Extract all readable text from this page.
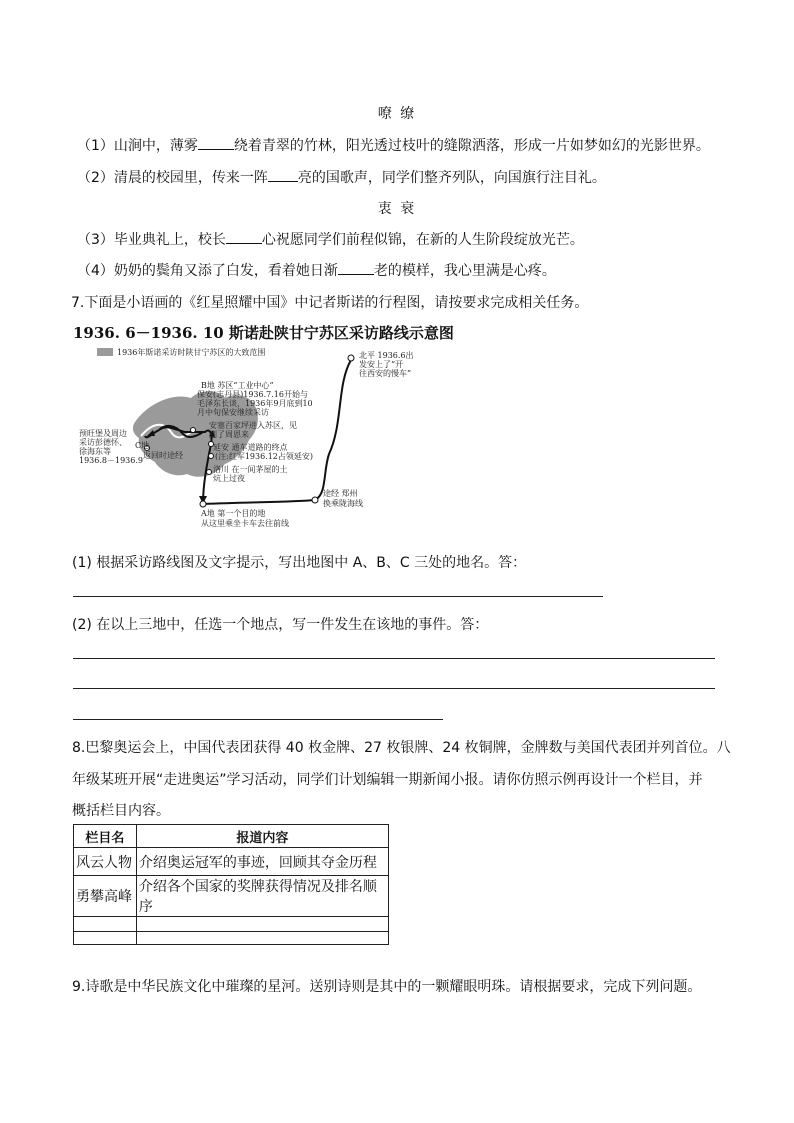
嘹 缭
（1）山涧中，薄雾	绕着青翠的竹林，阳光透过枝叶的缝隙洒落，形成一片如梦如幻的光影世界。
（2）清晨的校园里，传来一阵 亮的国歌声，同学们整齐列队，向国旗行注目礼。
衷 衰
（3）毕业典礼上，校长	心祝愿同学们前程似锦，在新的人生阶段绽放光芒。
（4）奶奶的鬓角又添了白发，看着她日渐	老的模样，我心里满是心疼。
7.下面是小语画的《红星照耀中国》中记者斯诺的行程图，请按要求完成相关任务。
1936. 6－1936. 10 斯诺赴陕甘宁苏区采访路线示意图
1936年斯诺采访时陕甘宁苏区的大致范围	北平 1936.6出
发安上了“开
往西安的慢车”
B地 苏区“工业中心”
保安(志丹县)1936.7.16开始与
毛泽东长谈，1936年9月底到10
月中旬保安继续采访
安塞百家坪进入苏区，见
到了周恩来
延安 通车道路的终点
(注:红军1936.12占领延安)
洛川 在一间茅屋的土
炕上过夜
预旺堡及周边
采访彭德怀、
徐海东等
1936.8－1936.9
C地
返回时途经
途经 郑州
换乘陇海线
A地 第一个目的地
从这里乘坐卡车去往前线
(1) 根据采访路线图及文字提示，写出地图中 A、B、C 三处的地名。答：
(2) 在以上三地中，任选一个地点，写一件发生在该地的事件。答：
8.巴黎奥运会上，中国代表团获得 40 枚金牌、27 枚银牌、24 枚铜牌，金牌数与美国代表团并列首位。八
年级某班开展“走进奥运”学习活动，同学们计划编辑一期新闻小报。请你仿照示例再设计一个栏目，并
概括栏目内容。
栏目名	报道内容
风云人物	介绍奥运冠军的事迹，回顾其夺金历程
勇攀高峰	介绍各个国家的奖牌获得情况及排名顺序

9.诗歌是中华民族文化中璀璨的星河。送别诗则是其中的一颗耀眼明珠。请根据要求，完成下列问题。
